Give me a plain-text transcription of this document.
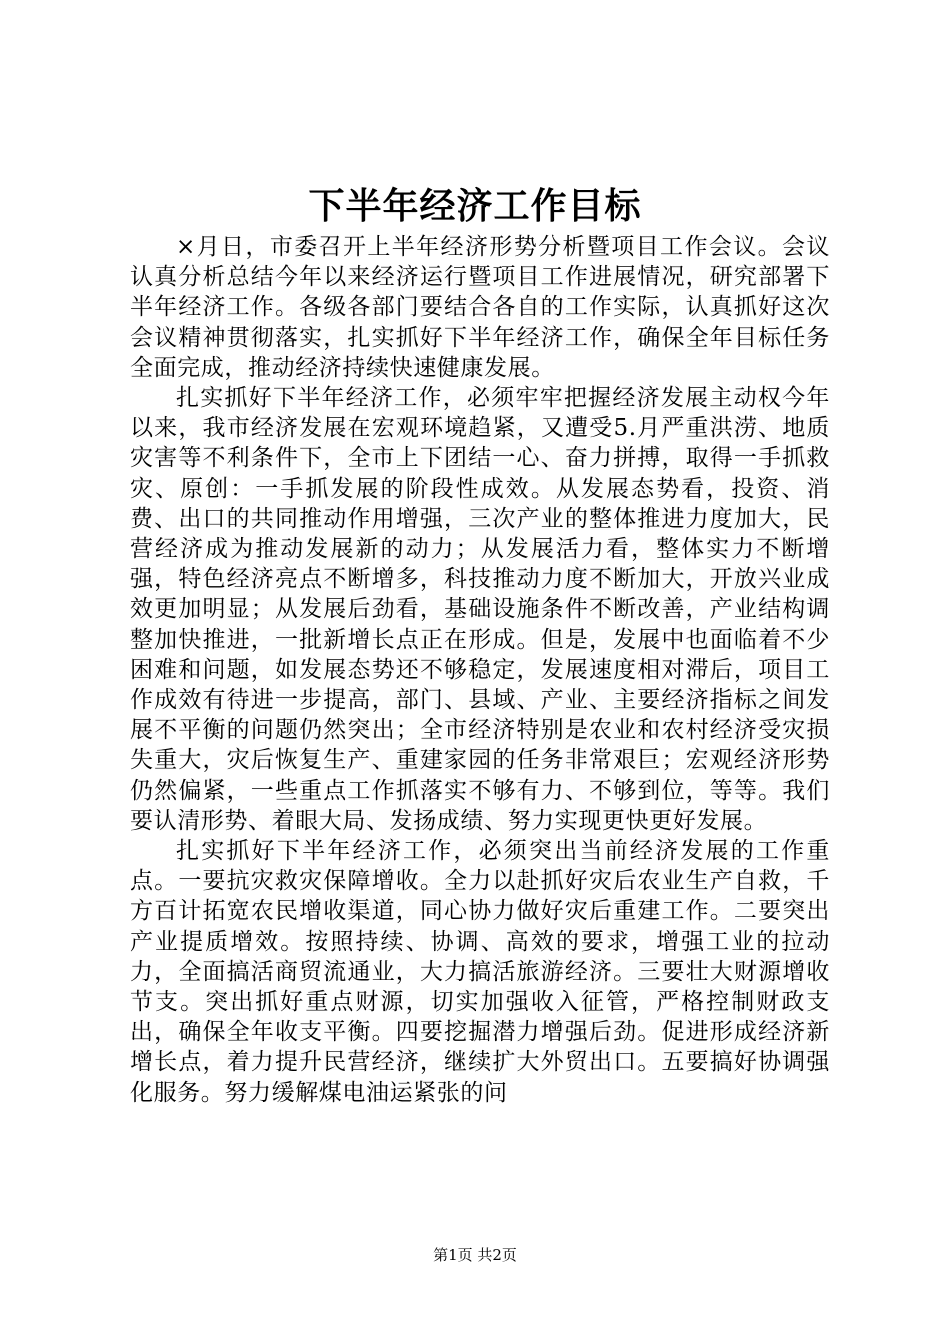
下半年经济工作目标

×月日，市委召开上半年经济形势分析暨项目工作会议。会议认真分析总结今年以来经济运行暨项目工作进展情况，研究部署下半年经济工作。各级各部门要结合各自的工作实际，认真抓好这次会议精神贯彻落实，扎实抓好下半年经济工作，确保全年目标任务全面完成，推动经济持续快速健康发展。

扎实抓好下半年经济工作，必须牢牢把握经济发展主动权今年以来，我市经济发展在宏观环境趋紧，又遭受5.月严重洪涝、地质灾害等不利条件下，全市上下团结一心、奋力拼搏，取得一手抓救灾、原创：一手抓发展的阶段性成效。从发展态势看，投资、消费、出口的共同推动作用增强，三次产业的整体推进力度加大，民营经济成为推动发展新的动力；从发展活力看，整体实力不断增强，特色经济亮点不断增多，科技推动力度不断加大，开放兴业成效更加明显；从发展后劲看，基础设施条件不断改善，产业结构调整加快推进，一批新增长点正在形成。但是，发展中也面临着不少困难和问题，如发展态势还不够稳定，发展速度相对滞后，项目工作成效有待进一步提高，部门、县域、产业、主要经济指标之间发展不平衡的问题仍然突出；全市经济特别是农业和农村经济受灾损失重大，灾后恢复生产、重建家园的任务非常艰巨；宏观经济形势仍然偏紧，一些重点工作抓落实不够有力、不够到位，等等。我们要认清形势、着眼大局、发扬成绩、努力实现更快更好发展。

扎实抓好下半年经济工作，必须突出当前经济发展的工作重点。一要抗灾救灾保障增收。全力以赴抓好灾后农业生产自救，千方百计拓宽农民增收渠道，同心协力做好灾后重建工作。二要突出产业提质增效。按照持续、协调、高效的要求，增强工业的拉动力，全面搞活商贸流通业，大力搞活旅游经济。三要壮大财源增收节支。突出抓好重点财源，切实加强收入征管，严格控制财政支出，确保全年收支平衡。四要挖掘潜力增强后劲。促进形成经济新增长点，着力提升民营经济，继续扩大外贸出口。五要搞好协调强化服务。努力缓解煤电油运紧张的问

第1页 共2页
